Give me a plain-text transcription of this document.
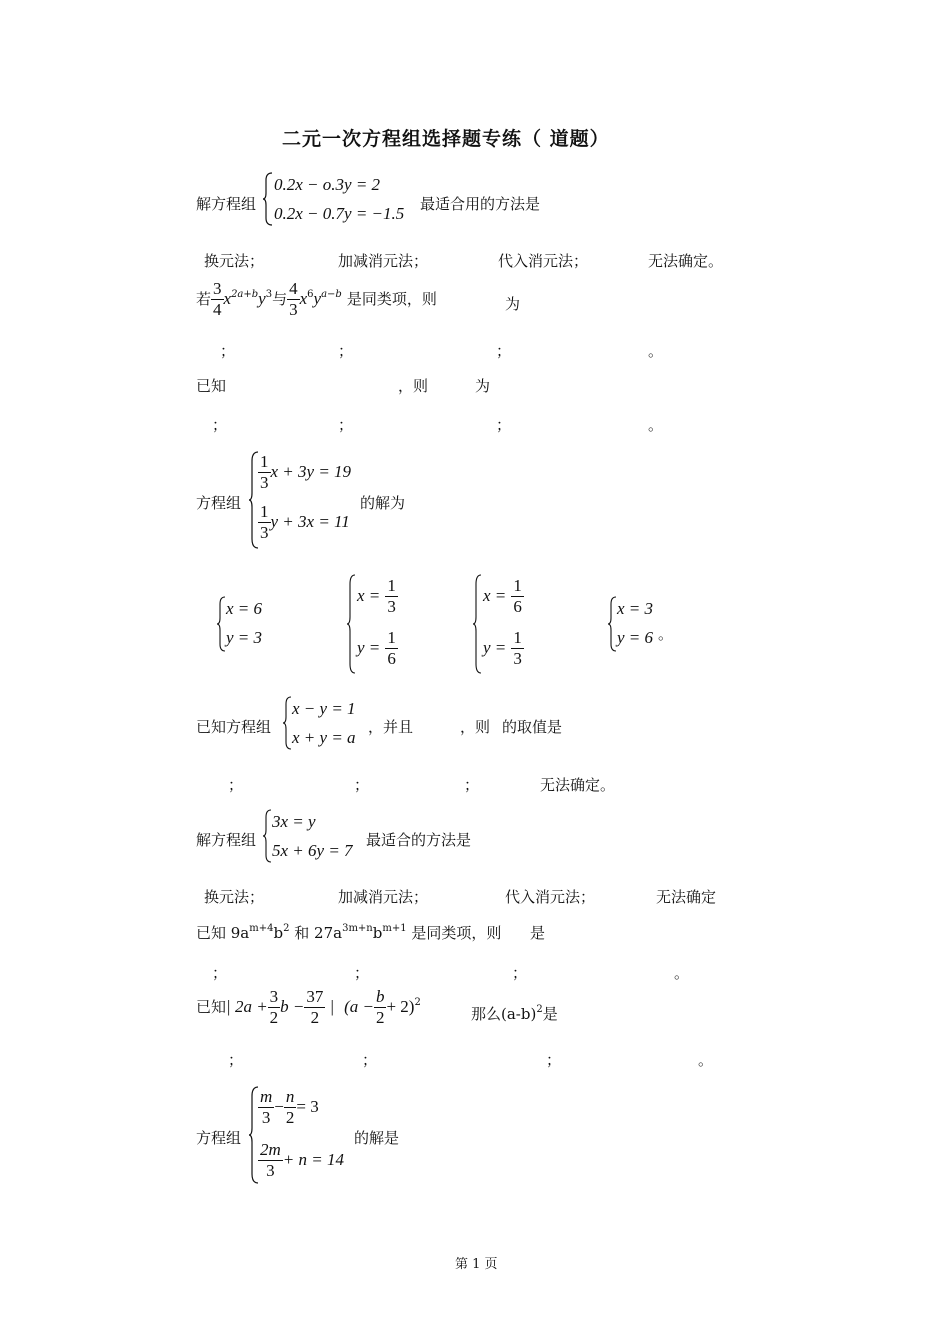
二元一次方程组选择题专练（ 道题）
解方程组
0.2x − o.3y = 2
0.2x − 0.7y = −1.5 最适合用的方法是
换元法；	加减消元法；	代入消元法；	无法确定。
若 $\frac{3}{4} x^{2a+b}y^3$与 $\frac{4}{3} x^6y^{a-b}$ 是同类项，则	为
；	；	；	。
已知	，则	为
；	；	；	。
方程组
$\frac{1}{3}$ x + 3y = 19
$\frac{1}{3}$ y + 3x = 11
的解为
x = 6
y = 3
$x = \frac{1}{3}$
$y = \frac{1}{6}$
$x = \frac{1}{6}$
$y = \frac{1}{3}$
x = 3
y = 6 。
已知方程组
x − y = 1
x + y = a
，并且	，则 的取值是
；	；	；	无法确定。
解方程组
3x = y
5x + 6y = 7
最适合的方法是
换元法；	加减消元法；	代入消元法；	无法确定
已知 $9a^{m+4}b^2$ 和 $27a^{3m+n}b^{m+1}$ 是同类项，则 是
；	；	；	。
已知| $2a + \frac{3}{2}$ $b - \frac{37}{2}$ | $(a - \frac{b}{2} + 2)^2$
那么$(a-b)^2$是
；	；	；	。
方程组
$\frac{m}{3} - \frac{n}{2} = 3$
$\frac{2m}{3} + n = 14$
的解是
第 1 页
